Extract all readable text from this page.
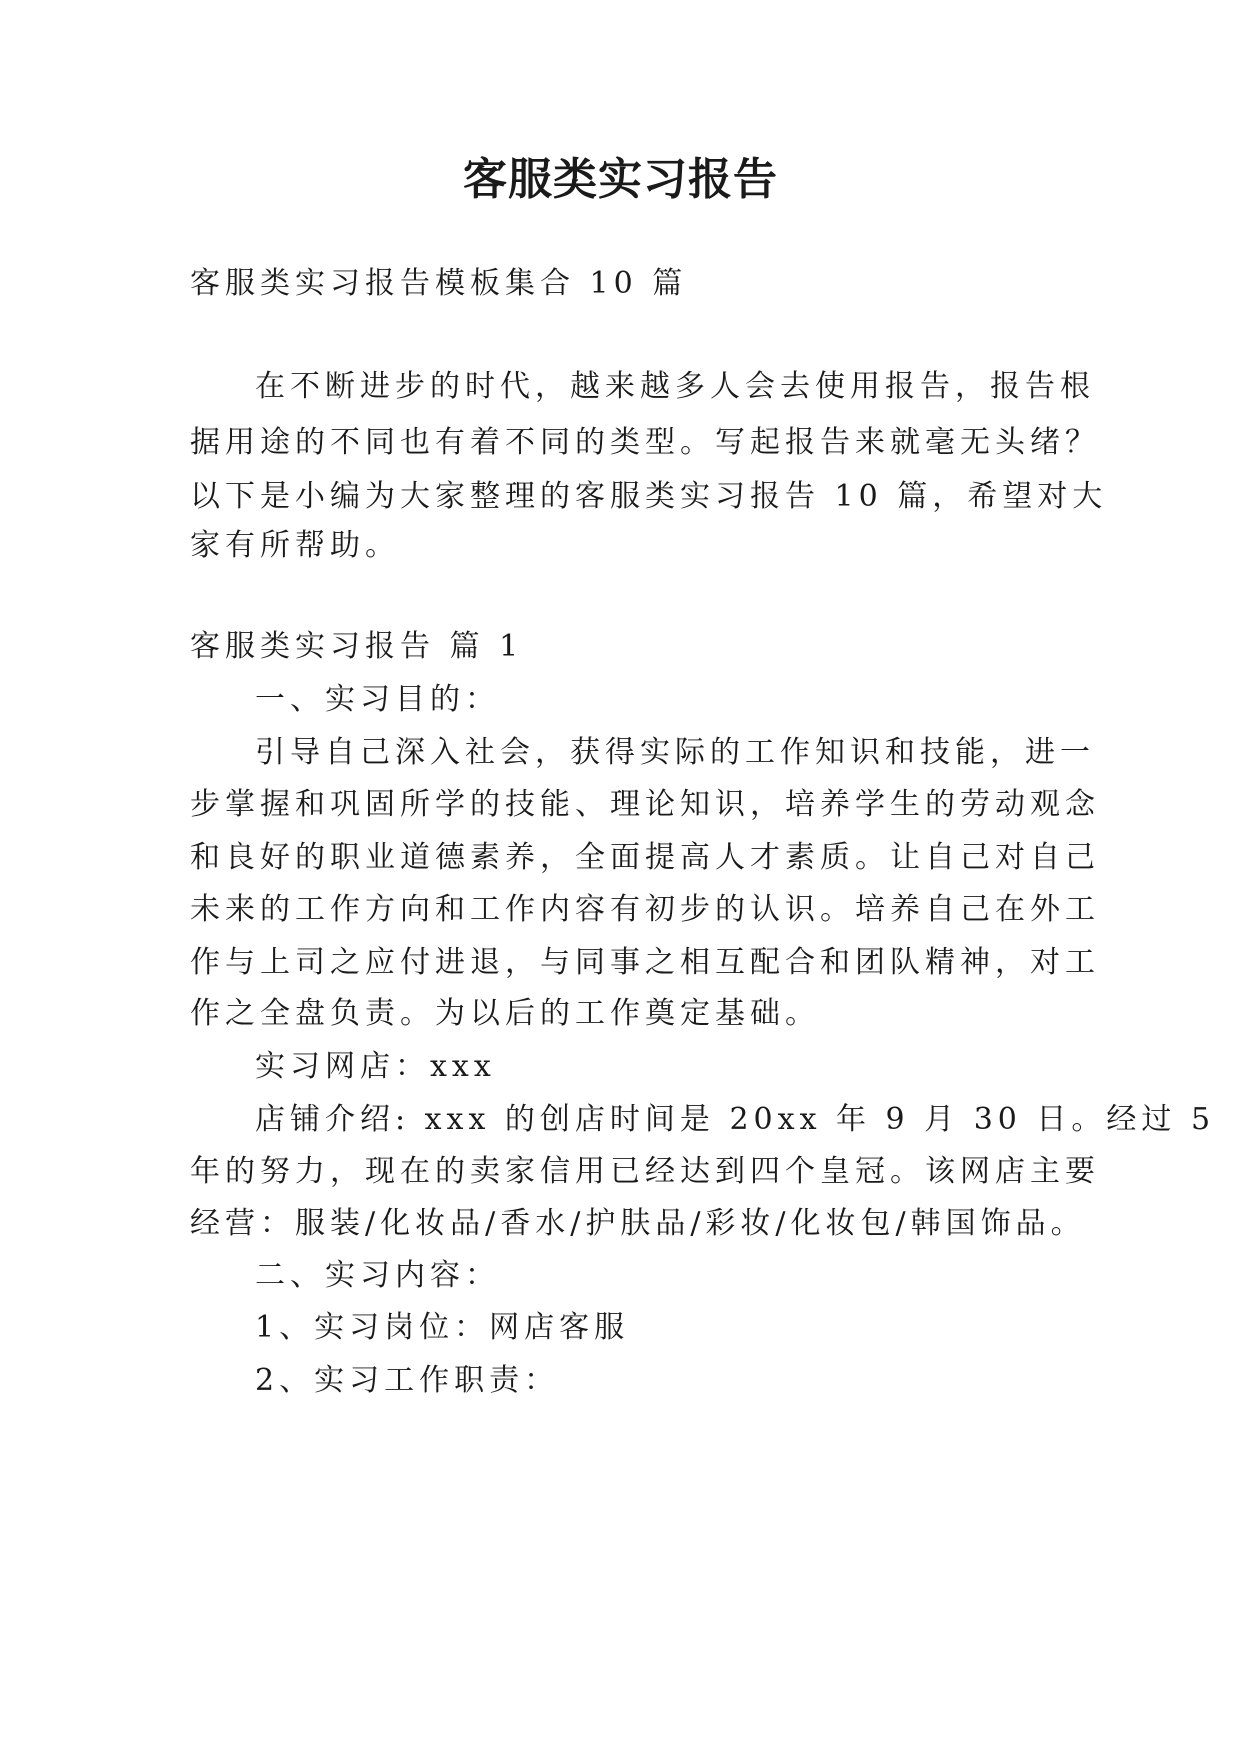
客服类实习报告
客服类实习报告模板集合 10 篇
在不断进步的时代，越来越多人会去使用报告，报告根
据用途的不同也有着不同的类型。写起报告来就毫无头绪？
以下是小编为大家整理的客服类实习报告 10 篇，希望对大
家有所帮助。
客服类实习报告 篇 1
一、实习目的：
引导自己深入社会，获得实际的工作知识和技能，进一
步掌握和巩固所学的技能、理论知识，培养学生的劳动观念
和良好的职业道德素养，全面提高人才素质。让自己对自己
未来的工作方向和工作内容有初步的认识。培养自己在外工
作与上司之应付进退，与同事之相互配合和团队精神，对工
作之全盘负责。为以后的工作奠定基础。
实习网店：xxx
店铺介绍: xxx 的创店时间是 20xx 年 9 月 30 日。经过 5
年的努力，现在的卖家信用已经达到四个皇冠。该网店主要
经营：服装/化妆品/香水/护肤品/彩妆/化妆包/韩国饰品。
二、实习内容：
1、实习岗位：网店客服
2、实习工作职责：
